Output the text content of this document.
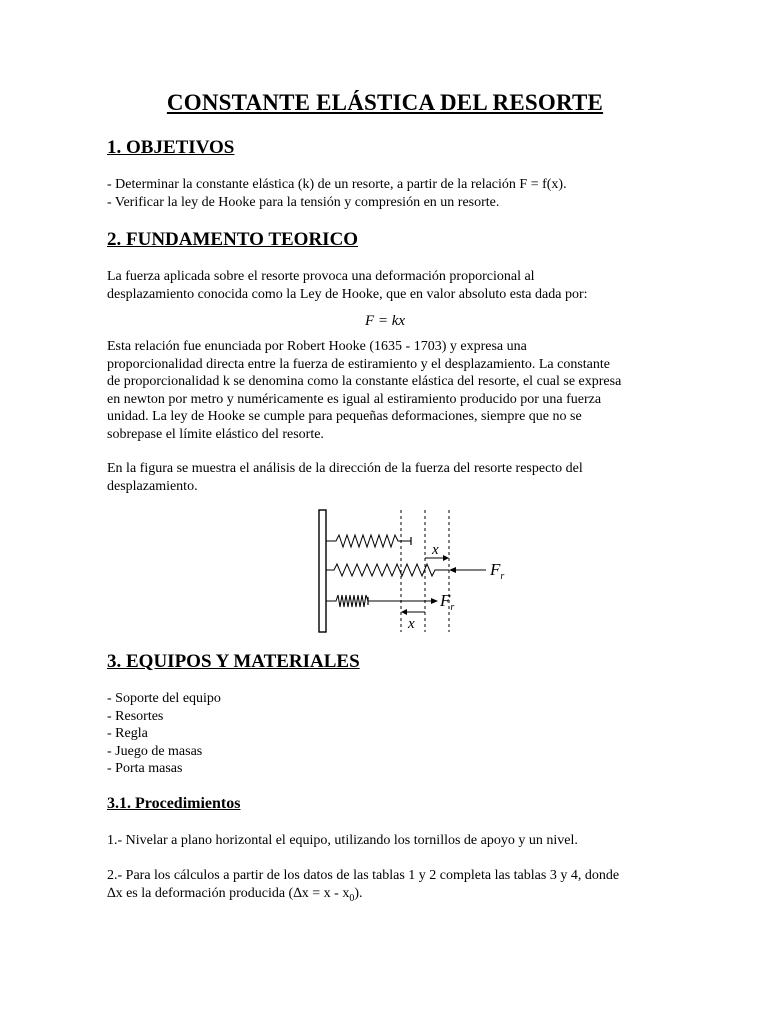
CONSTANTE ELÁSTICA DEL RESORTE
1. OBJETIVOS
- Determinar la constante elástica (k) de un resorte, a partir de la relación F = f(x).
- Verificar la ley de Hooke para la tensión y compresión en un resorte.
2. FUNDAMENTO TEORICO
La fuerza aplicada sobre el resorte provoca una deformación proporcional al
desplazamiento conocida como la Ley de Hooke, que en valor absoluto esta dada por:
F = kx
Esta relación fue enunciada por Robert Hooke (1635 - 1703) y expresa una
proporcionalidad directa entre la fuerza de estiramiento y el desplazamiento. La constante
de proporcionalidad k se denomina como la constante elástica del resorte, el cual se expresa
en newton por metro y numéricamente es igual al estiramiento producido por una fuerza
unidad. La ley de Hooke se cumple para pequeñas deformaciones, siempre que no se
sobrepase el límite elástico del resorte.
En la figura se muestra el análisis de la dirección de la fuerza del resorte respecto del
desplazamiento.
3. EQUIPOS Y MATERIALES
- Soporte del equipo
- Resortes
- Regla
- Juego de masas
- Porta masas
3.1. Procedimientos
1.- Nivelar a plano horizontal el equipo, utilizando los tornillos de apoyo y un nivel.
2.- Para los cálculos a partir de los datos de las tablas 1 y 2 completa las tablas 3 y 4, donde
∆x es la deformación producida $(\Delta x = x - x_0)$.
x
$F_r$
$F_r$
x
